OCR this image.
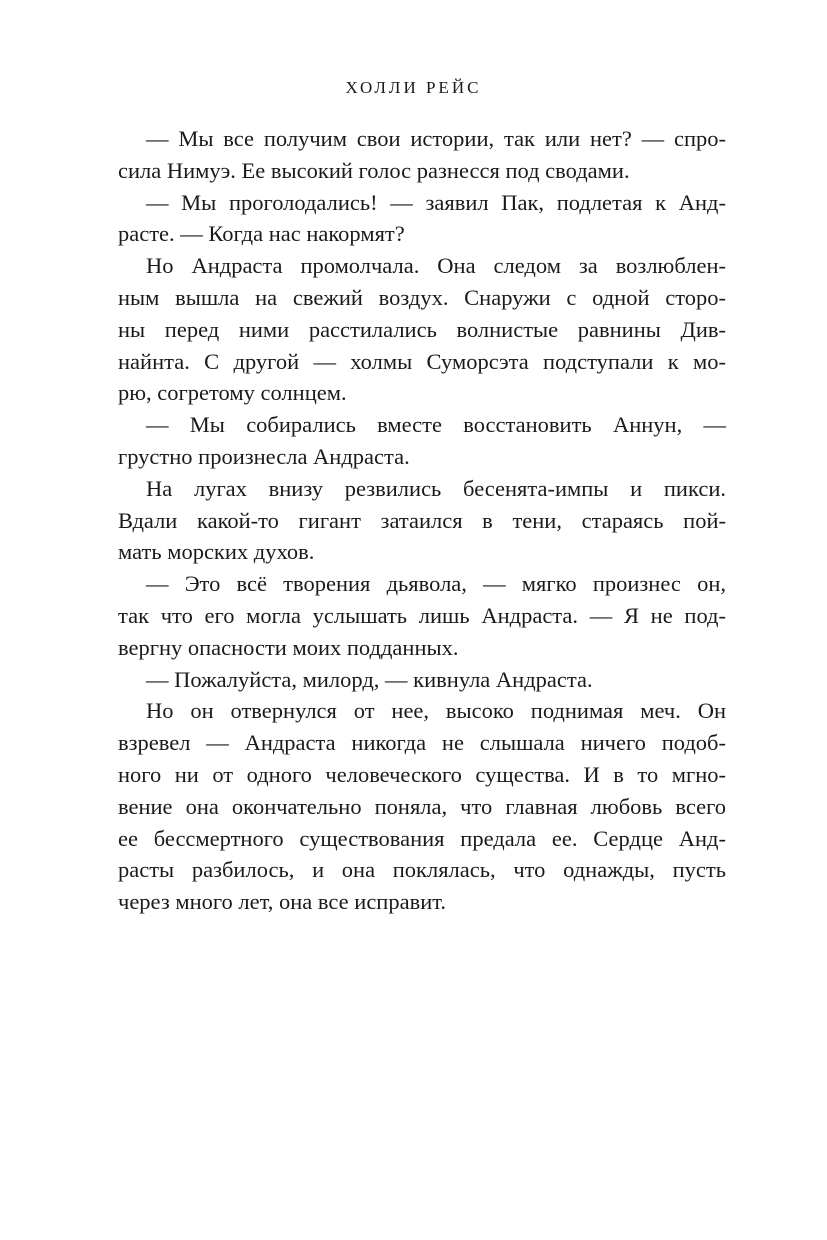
ХОЛЛИ РЕЙС
— Мы все получим свои истории, так или нет? — спро-
сила Нимуэ. Ее высокий голос разнесся под сводами.
— Мы проголодались! — заявил Пак, подлетая к Анд-
расте. — Когда нас накормят?
Но Андраста промолчала. Она следом за возлюблен-
ным вышла на свежий воздух. Снаружи с одной сторо-
ны перед ними расстилались волнистые равнины Див-
найнта. С другой — холмы Суморсэта подступали к мо-
рю, согретому солнцем.
— Мы собирались вместе восстановить Аннун, —
грустно произнесла Андраста.
На лугах внизу резвились бесенята-импы и пикси.
Вдали какой-то гигант затаился в тени, стараясь пой-
мать морских духов.
— Это всё творения дьявола, — мягко произнес он,
так что его могла услышать лишь Андраста. — Я не под-
вергну опасности моих подданных.
— Пожалуйста, милорд, — кивнула Андраста.
Но он отвернулся от нее, высоко поднимая меч. Он
взревел — Андраста никогда не слышала ничего подоб-
ного ни от одного человеческого существа. И в то мгно-
вение она окончательно поняла, что главная любовь всего
ее бессмертного существования предала ее. Сердце Анд-
расты разбилось, и она поклялась, что однажды, пусть
через много лет, она все исправит.
